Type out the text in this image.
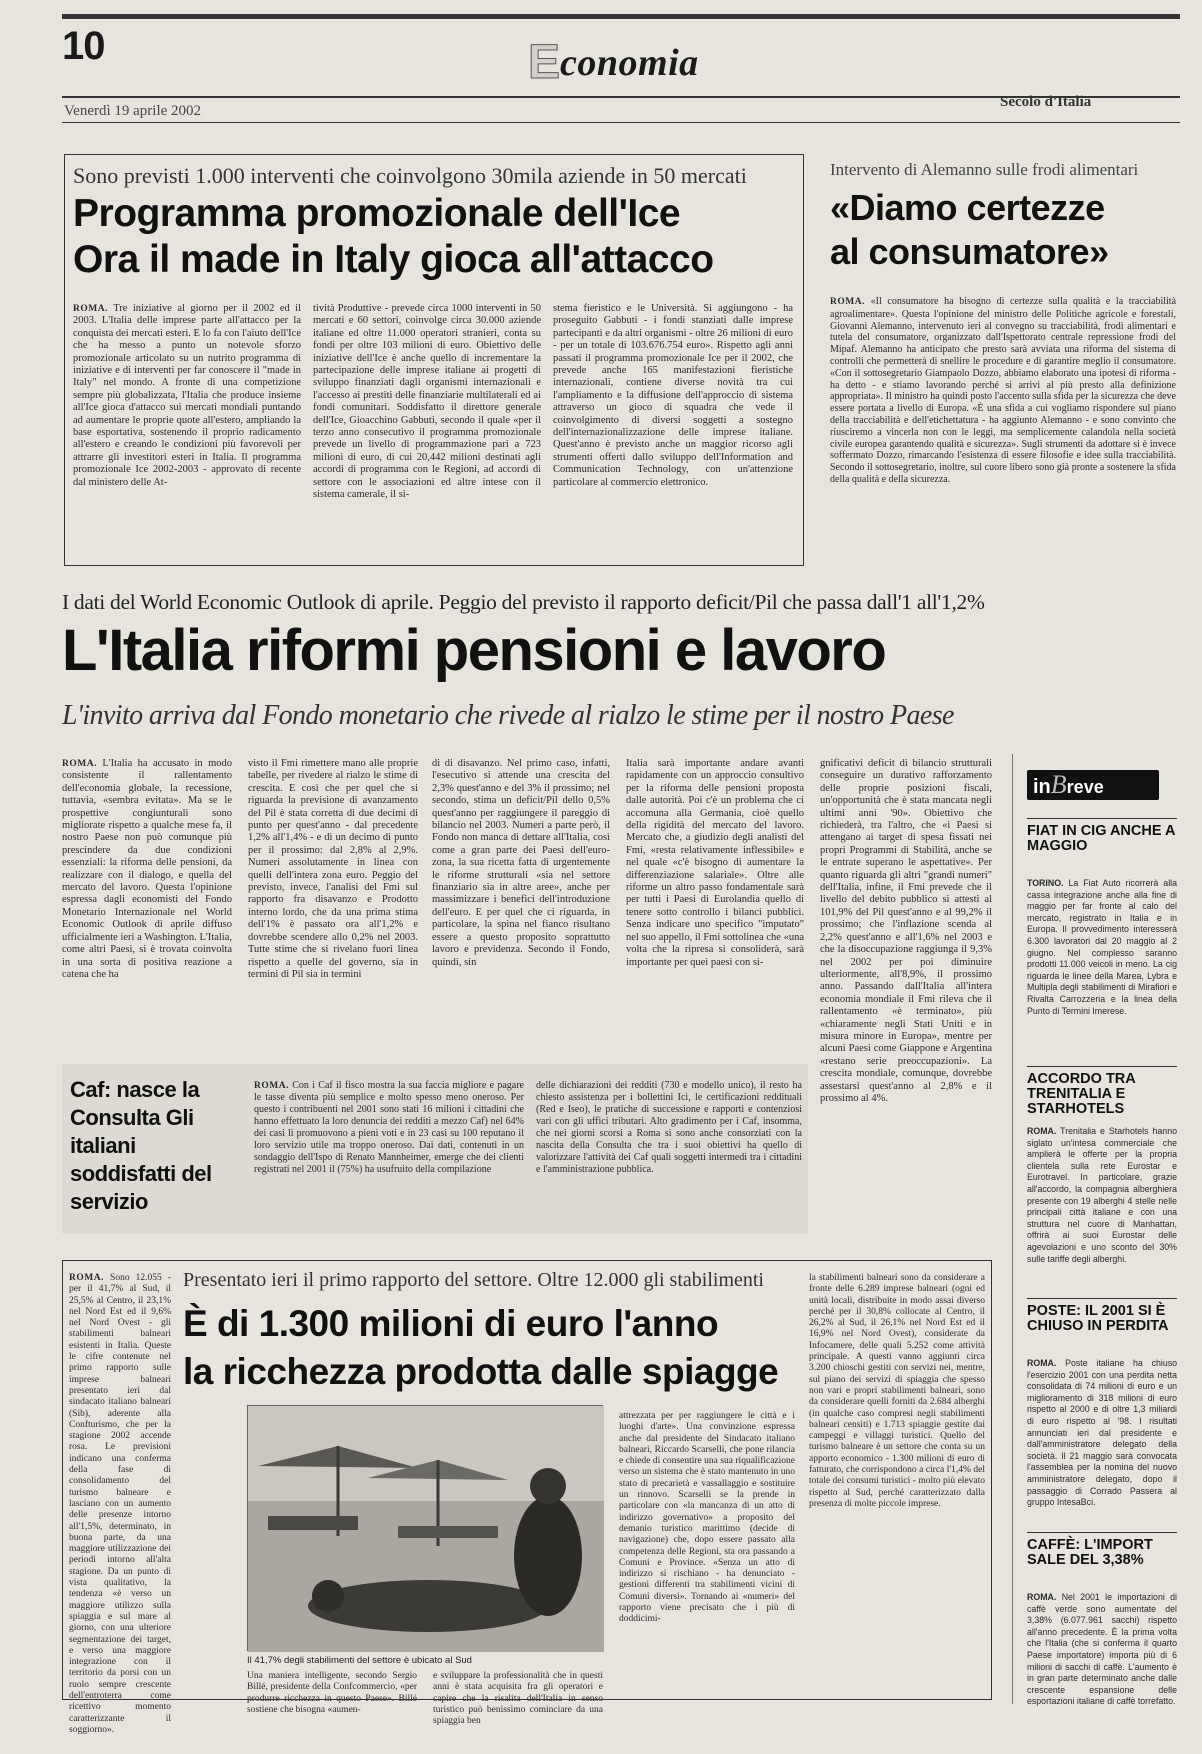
10	Economia
Venerdì 19 aprile 2002
Secolo d'Italia
Sono previsti 1.000 interventi che coinvolgono 30mila aziende in 50 mercati
Programma promozionale dell'Ice
Ora il made in Italy gioca all'attacco
ROMA. Tre iniziative al giorno per il 2002 ed il 2003. L'Italia delle imprese parte all'attacco per la conquista dei mercati esteri. E lo fa con l'aiuto dell'Ice che ha messo a punto un notevole sforzo promozionale articolato su un nutrito programma di iniziative e di interventi per far conoscere il "made in Italy" nel mondo. A fronte di una competizione sempre più globalizzata, l'Italia che produce insieme all'Ice gioca d'attacco sui mercati mondiali puntando ad aumentare le proprie quote all'estero, ampliando la base esportativa, sostenendo il proprio radicamento all'estero e creando le condizioni più favorevoli per attrarre gli investitori esteri in Italia. Il programma promozionale Ice 2002-2003 - approvato di recente dal ministero delle At-
tività Produttive - prevede circa 1000 interventi in 50 mercati e 60 settori, coinvolge circa 30.000 aziende italiane ed oltre 11.000 operatori stranieri, conta su fondi per oltre 103 milioni di euro. Obiettivo delle iniziative dell'Ice è anche quello di incrementare la partecipazione delle imprese italiane ai progetti di sviluppo finanziati dagli organismi internazionali e l'accesso ai prestiti delle finanziarie multilaterali ed ai fondi comunitari. Soddisfatto il direttore generale dell'Ice, Gioacchino Gabbuti, secondo il quale «per il terzo anno consecutivo il programma promozionale prevede un livello di programmazione pari a 723 milioni di euro, di cui 20,442 milioni destinati agli accordi di programma con le Regioni, ad accordi di settore con le associazioni ed altre intese con il sistema camerale, il si-
stema fieristico e le Università. Si aggiungono - ha proseguito Gabbuti - i fondi stanziati dalle imprese partecipanti e da altri organismi - oltre 26 milioni di euro - per un totale di 103.676.754 euro». Rispetto agli anni passati il programma promozionale Ice per il 2002, che prevede anche 165 manifestazioni fieristiche internazionali, contiene diverse novità tra cui l'ampliamento e la diffusione dell'approccio di sistema attraverso un gioco di squadra che vede il coinvolgimento di diversi soggetti a sostegno dell'internazionalizzazione delle imprese italiane. Quest'anno è previsto anche un maggior ricorso agli strumenti offerti dallo sviluppo dell'Information and Communication Technology, con un'attenzione particolare al commercio elettronico.
Intervento di Alemanno sulle frodi alimentari
«Diamo certezze
al consumatore»
ROMA. «Il consumatore ha bisogno di certezze sulla qualità e la tracciabilità agroalimentare». Questa l'opinione del ministro delle Politiche agricole e forestali, Giovanni Alemanno, intervenuto ieri al convegno su tracciabilità, frodi alimentari e tutela del consumatore, organizzato dall'Ispettorato centrale repressione frodi del Mipaf. Alemanno ha anticipato che presto sarà avviata una riforma del sistema di controlli che permetterà di snellire le procedure e di garantire meglio il consumatore. «Con il sottosegretario Giampaolo Dozzo, abbiamo elaborato una ipotesi di riforma - ha detto - e stiamo lavorando perché si arrivi al più presto alla definizione appropriata». Il ministro ha quindi posto l'accento sulla sfida per la sicurezza che deve essere portata a livello di Europa. «È una sfida a cui vogliamo rispondere sul piano della tracciabilità e dell'etichettatura - ha aggiunto Alemanno - e sono convinto che riusciremo a vincerla non con le leggi, ma semplicemente calandola nella società civile europea garantendo qualità e sicurezza». Sugli strumenti da adottare si è invece soffermato Dozzo, rimarcando l'esistenza di essere filosofie e idee sulla tracciabilità. Secondo il sottosegretario, inoltre, sul cuore libero sono già pronte a sostenere la sfida della qualità e della sicurezza.
I dati del World Economic Outlook di aprile. Peggio del previsto il rapporto deficit/Pil che passa dall'1 all'1,2%
L'Italia riformi pensioni e lavoro
L'invito arriva dal Fondo monetario che rivede al rialzo le stime per il nostro Paese
ROMA. L'Italia ha accusato in modo consistente il rallentamento dell'economia globale, la recessione, tuttavia, «sembra evitata». Ma se le prospettive congiunturali sono migliorate rispetto a qualche mese fa, il nostro Paese non può comunque più prescindere da due condizioni essenziali: la riforma delle pensioni, da realizzare con il dialogo, e quella del mercato del lavoro. Questa l'opinione espressa dagli economisti del Fondo Monetario Internazionale nel World Economic Outlook di aprile diffuso ufficialmente ieri a Washington. L'Italia, come altri Paesi, si è trovata coinvolta in una sorta di positiva reazione a catena che ha
visto il Fmi rimettere mano alle proprie tabelle, per rivedere al rialzo le stime di crescita. E così che per quel che si riguarda la previsione di avanzamento del Pil è stata corretta di due decimi di punto per quest'anno - dal precedente 1,2% all'1,4% - e di un decimo di punto per il prossimo: dal 2,8% al 2,9%. Numeri assolutamente in linea con quelli dell'intera zona euro. Peggio del previsto, invece, l'analisi del Fmi sul rapporto fra disavanzo e Prodotto interno lordo, che da una prima stima dell'1% è passato ora all'1,2% e dovrebbe scendere allo 0,2% nel 2003. Tutte stime che si rivelano fuori linea rispetto a quelle del governo, sia in termini di Pil sia in termini
di di disavanzo. Nel primo caso, infatti, l'esecutivo si attende una crescita del 2,3% quest'anno e del 3% il prossimo; nel secondo, stima un deficit/Pil dello 0,5% quest'anno per raggiungere il pareggio di bilancio nel 2003. Numeri a parte però, il Fondo non manca di dettare all'Italia, così come a gran parte dei Paesi dell'euro-zona, la sua ricetta fatta di urgentemente le riforme strutturali «sia nel settore finanziario sia in altre aree», anche per massimizzare i benefici dell'introduzione dell'euro. E per quel che ci riguarda, in particolare, la spina nel fianco risultano essere a questo proposito soprattutto lavoro e previdenza. Secondo il Fondo, quindi, sin
Italia sarà importante andare avanti rapidamente con un approccio consultivo per la riforma delle pensioni proposta dalle autorità. Poi c'è un problema che ci accomuna alla Germania, cioè quello della rigidità del mercato del lavoro. Mercato che, a giudizio degli analisti del Fmi, «resta relativamente inflessibile» e nel quale «c'è bisogno di aumentare la differenziazione salariale». Oltre alle riforme un altro passo fondamentale sarà per tutti i Paesi di Eurolandia quello di tenere sotto controllo i bilanci pubblici. Senza indicare uno specifico "imputato" nel suo appello, il Fmi sottolinea che «una volta che la ripresa si consoliderà, sarà importante per quei paesi con si-
gnificativi deficit di bilancio strutturali conseguire un durativo rafforzamento delle proprie posizioni fiscali, un'opportunità che è stata mancata negli ultimi anni '90». Obiettivo che richiederà, tra l'altro, che «i Paesi si attengano ai target di spesa fissati nei propri Programmi di Stabilità, anche se le entrate superano le aspettative». Per quanto riguarda gli altri "grandi numeri" dell'Italia, infine, il Fmi prevede che il livello del debito pubblico si attesti al 101,9% del Pil quest'anno e al 99,2% il prossimo; che l'inflazione scenda al 2,2% quest'anno e all'1,6% nel 2003 e che la disoccupazione raggiunga il 9,3% nel 2002 per poi diminuire ulteriormente, all'8,9%, il prossimo anno. Passando dall'Italia all'intera economia mondiale il Fmi rileva che il rallentamento «è terminato», più «chiaramente negli Stati Uniti e in misura minore in Europa», mentre per alcuni Paesi come Giappone e Argentina «restano serie preoccupazioni». La crescita mondiale, comunque, dovrebbe assestarsi quest'anno al 2,8% e il prossimo al 4%.
Caf: nasce la Consulta Gli italiani soddisfatti del servizio
ROMA. Con i Caf il fisco mostra la sua faccia migliore e pagare le tasse diventa più semplice e molto spesso meno oneroso. Per questo i contribuenti nel 2001 sono stati 16 milioni i cittadini che hanno effettuato la loro denuncia dei redditi a mezzo Caf) nel 64% dei casi li promuovono a pieni voti e in 23 casi su 100 reputano il loro servizio utile ma troppo oneroso. Dai dati, contenuti in un sondaggio dell'Ispo di Renato Mannheimer, emerge che dei clienti registrati nel 2001 il (75%) ha usufruito della compilazione
delle dichiarazioni dei redditi (730 e modello unico), il resto ha chiesto assistenza per i bollettini Ici, le certificazioni reddituali (Red e Iseo), le pratiche di successione e rapporti e contenziosi vari con gli uffici tributari. Alto gradimento per i Caf, insomma, che nei giorni scorsi a Roma si sono anche consorziati con la nascita della Consulta che tra i suoi obiettivi ha quello di valorizzare l'attività dei Caf quali soggetti intermedi tra i cittadini e l'amministrazione pubblica.
ROMA. Sono 12.055 - per il 41,7% al Sud, il 25,5% al Centro, il 23,1% nel Nord Est ed il 9,6% nel Nord Ovest - gli stabilimenti balneari esistenti in Italia. Queste le cifre contenute nel primo rapporto sulle imprese balneari presentato ieri dal sindacato italiano balneari (Sib), aderente alla Confturismo, che per la stagione 2002 accende rosa. Le previsioni indicano una conferma della fase di consolidamento del turismo balneare e lasciano con un aumento delle presenze intorno all'1,5%, determinato, in buona parte, da una maggiore utilizzazione dei periodi intorno all'alta stagione. Da un punto di vista qualitativo, la tendenza «è verso un maggiore utilizzo sulla spiaggia e sul mare al giorno, con una ulteriore segmentazione dei target, e verso una maggiore integrazione con il territorio da porsi con un ruolo sempre crescente dell'entroterra come ricettivo momento caratterizzante il soggiorno».
Presentato ieri il primo rapporto del settore. Oltre 12.000 gli stabilimenti
È di 1.300 milioni di euro l'anno
la ricchezza prodotta dalle spiagge
Il 41,7% degli stabilimenti del settore è ubicato al Sud
Una maniera intelligente, secondo Sergio Billé, presidente della Confcommercio, «per produrre ricchezza in questo Paese». Billé sostiene che bisogna «aumen-
e sviluppare la professionalità che in questi anni è stata acquisita fra gli operatori e capire che la risalita dell'Italia in senso turistico può benissimo cominciare da una spiaggia ben
attrezzata per per raggiungere le città e i luoghi d'arte». Una convinzione espressa anche dal presidente del Sindacato italiano balneari, Riccardo Scarselli, che pone rilancia e chiede di consentire una sua riqualificazione verso un sistema che è stato mantenuto in uno stato di precarietà e vassallaggio e sostituire un rinnovo. Scarselli se la prende in particolare con «la mancanza di un atto di indirizzo governativo» a proposito del demanio turistico marittimo (decide di navigazione) che, dopo essere passato alla competenza delle Regioni, sta ora passando a Comuni e Province. «Senza un atto di indirizzo si rischiano - ha denunciato - gestioni differenti tra stabilimenti vicini di Comuni diversi». Tornando ai «numeri» del rapporto viene precisato che i più di doddicimi-
la stabilimenti balneari sono da considerare a fronte delle 6.289 imprese balneari (ogni ed unità locali, distribuite in modo assai diverso perché per il 30,8% collocate al Centro, il 26,2% al Sud, il 26,1% nel Nord Est ed il 16,9% nel Nord Ovest), considerate da Infocamere, delle quali 5.252 come attività principale. A questi vanno aggiunti circa 3.200 chioschi gestiti con servizi nei, mentre, sul piano dei servizi di spiaggia che spesso non vari e propri stabilimenti balneari, sono da considerare quelli forniti da 2.684 alberghi (in qualche caso compresi negli stabilimenti balneari censiti) e 1.713 spiaggie gestite dai campeggi e villaggi turistici. Quello del turismo balneare è un settore che conta su un apporto economico - 1.300 milioni di euro di fatturato, che corrispondono a circa l'1,4% del totale dei consumi turistici - molto più elevato rispetto al Sud, perché caratterizzato dalla presenza di molte piccole imprese.
inBreve
FIAT IN CIG ANCHE A MAGGIO
TORINO. La Fiat Auto ricorrerà alla cassa integrazione anche alla fine di maggio per far fronte al calo del mercato, registrato in Italia e in Europa. Il provvedimento interesserà 6.300 lavoratori dal 20 maggio al 2 giugno. Nel complesso saranno prodotti 11.000 veicoli in meno. La cig riguarda le linee della Marea, Lybra e Multipla degli stabilimenti di Mirafiori e Rivalta Carrozzeria e la linea della Punto di Termini Imerese.
ACCORDO TRA TRENITALIA E STARHOTELS
ROMA. Trenitalia e Starhotels hanno siglato un'intesa commerciale che amplierà le offerte per la propria clientela sulla rete Eurostar e Eurotravel. In particolare, grazie all'accordo, la compagnia alberghiera presente con 19 alberghi 4 stelle nelle principali città italiane e con una struttura nel cuore di Manhattan, offrirà ai suoi Eurostar delle agevolazioni e uno sconto del 30% sulle tariffe degli alberghi.
POSTE: IL 2001 SI È CHIUSO IN PERDITA
ROMA. Poste italiane ha chiuso l'esercizio 2001 con una perdita netta consolidata di 74 milioni di euro e un miglioramento di 318 milioni di euro rispetto al 2000 e di oltre 1,3 miliardi di euro rispetto al '98. I risultati annunciati ieri dal presidente e dall'amministratore delegato della società. Il 21 maggio sarà convocata l'assemblea per la nomina del nuovo amministratore delegato, dopo il passaggio di Corrado Passera al gruppo IntesaBci.
CAFFÈ: L'IMPORT SALE DEL 3,38%
ROMA. Nel 2001 le importazioni di caffè verde sono aumentate del 3,38% (6.077.961 sacchi) rispetto all'anno precedente. È la prima volta che l'Italia (che si conferma il quarto Paese importatore) importa più di 6 milioni di sacchi di caffè. L'aumento è in gran parte determinato anche dalle crescente espansione delle esportazioni italiane di caffè torrefatto.
